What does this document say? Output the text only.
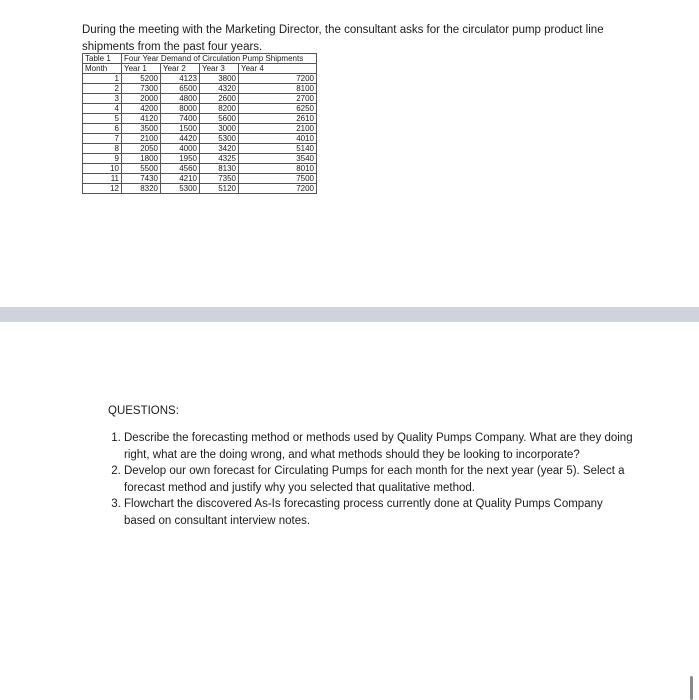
During the meeting with the Marketing Director, the consultant asks for the circulator pump product line shipments from the past four years.

Table 1	Four Year Demand of Circulation Pump Shipments			
Month	Year 1	Year 2	Year 3	Year 4
1	5200	4123	3800	7200
2	7300	6500	4320	8100
3	2000	4800	2600	2700
4	4200	8000	8200	6250
5	4120	7400	5600	2610
6	3500	1500	3000	2100
7	2100	4420	5300	4010
8	2050	4000	3420	5140
9	1800	1950	4325	3540
10	5500	4560	8130	8010
11	7430	4210	7350	7500
12	8320	5300	5120	7200
QUESTIONS:
1. Describe the forecasting method or methods used by Quality Pumps Company. What are they doing right, what are the doing wrong, and what methods should they be looking to incorporate?
2. Develop our own forecast for Circulating Pumps for each month for the next year (year 5). Select a forecast method and justify why you selected that qualitative method.
3. Flowchart the discovered As-Is forecasting process currently done at Quality Pumps Company based on consultant interview notes.
